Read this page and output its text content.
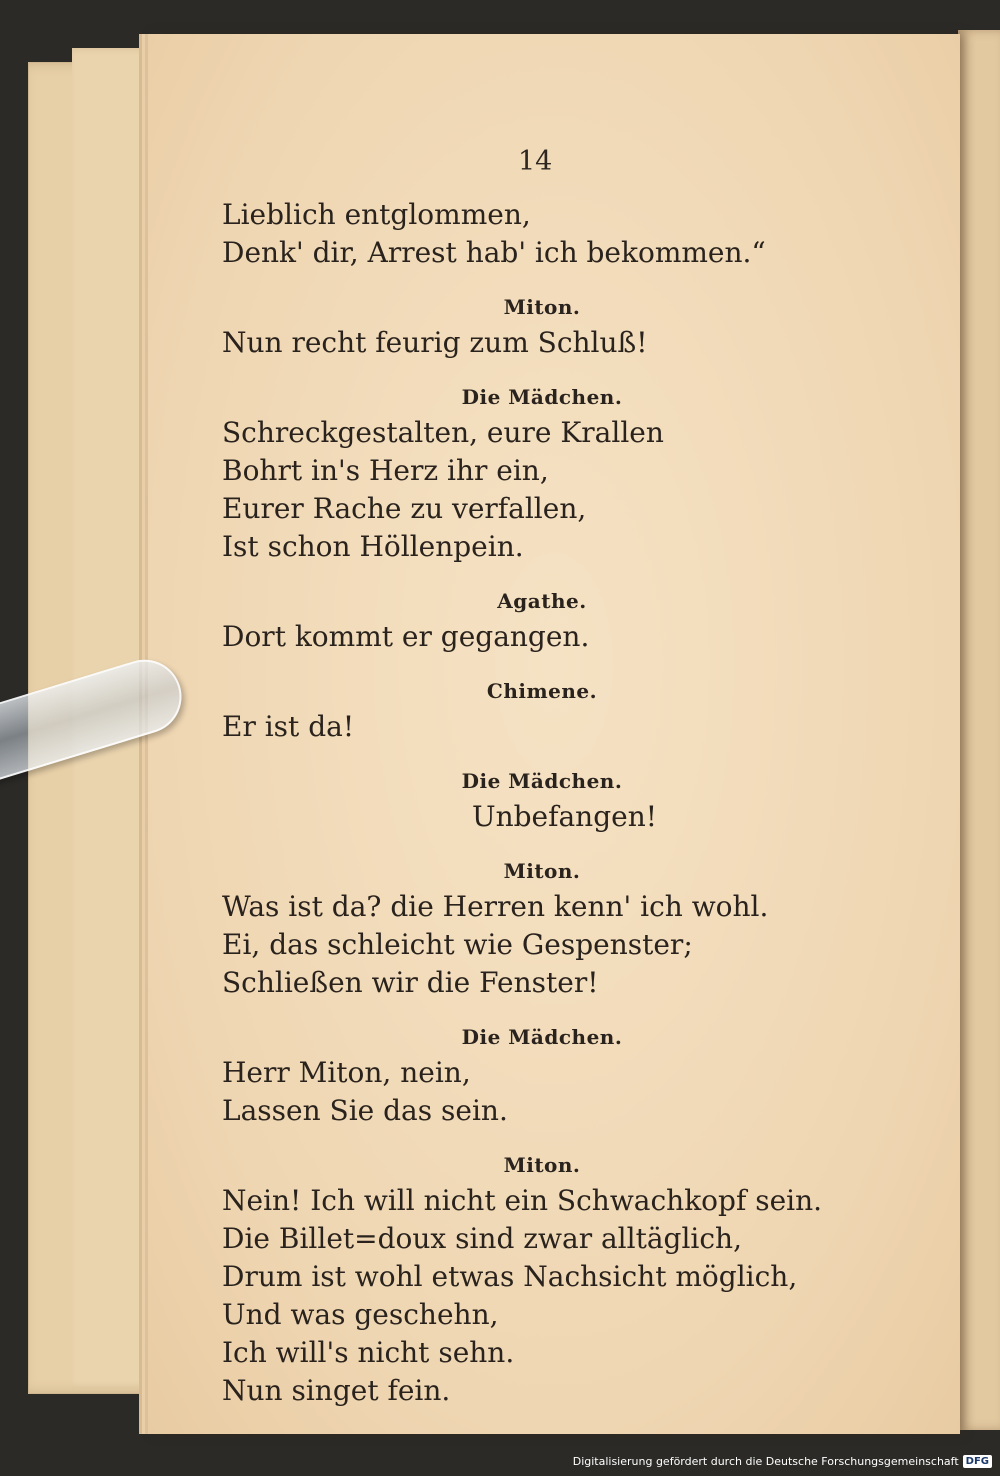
14
Lieblich entglommen,
Denk' dir, Arrest hab' ich bekommen.“
Miton.
Nun recht feurig zum Schluß!
Die Mädchen.
Schreckgestalten, eure Krallen
Bohrt in's Herz ihr ein,
Eurer Rache zu verfallen,
Ist schon Höllenpein.
Agathe.
Dort kommt er gegangen.
Chimene.
Er ist da!
Die Mädchen.
Unbefangen!
Miton.
Was ist da? die Herren kenn' ich wohl.
Ei, das schleicht wie Gespenster;
Schließen wir die Fenster!
Die Mädchen.
Herr Miton, nein,
Lassen Sie das sein.
Miton.
Nein! Ich will nicht ein Schwachkopf sein.
Die Billet=doux sind zwar alltäglich,
Drum ist wohl etwas Nachsicht möglich,
Und was geschehn,
Ich will's nicht sehn.
Nun singet fein.
Digitalisierung gefördert durch die Deutsche Forschungsgemeinschaft DFG
